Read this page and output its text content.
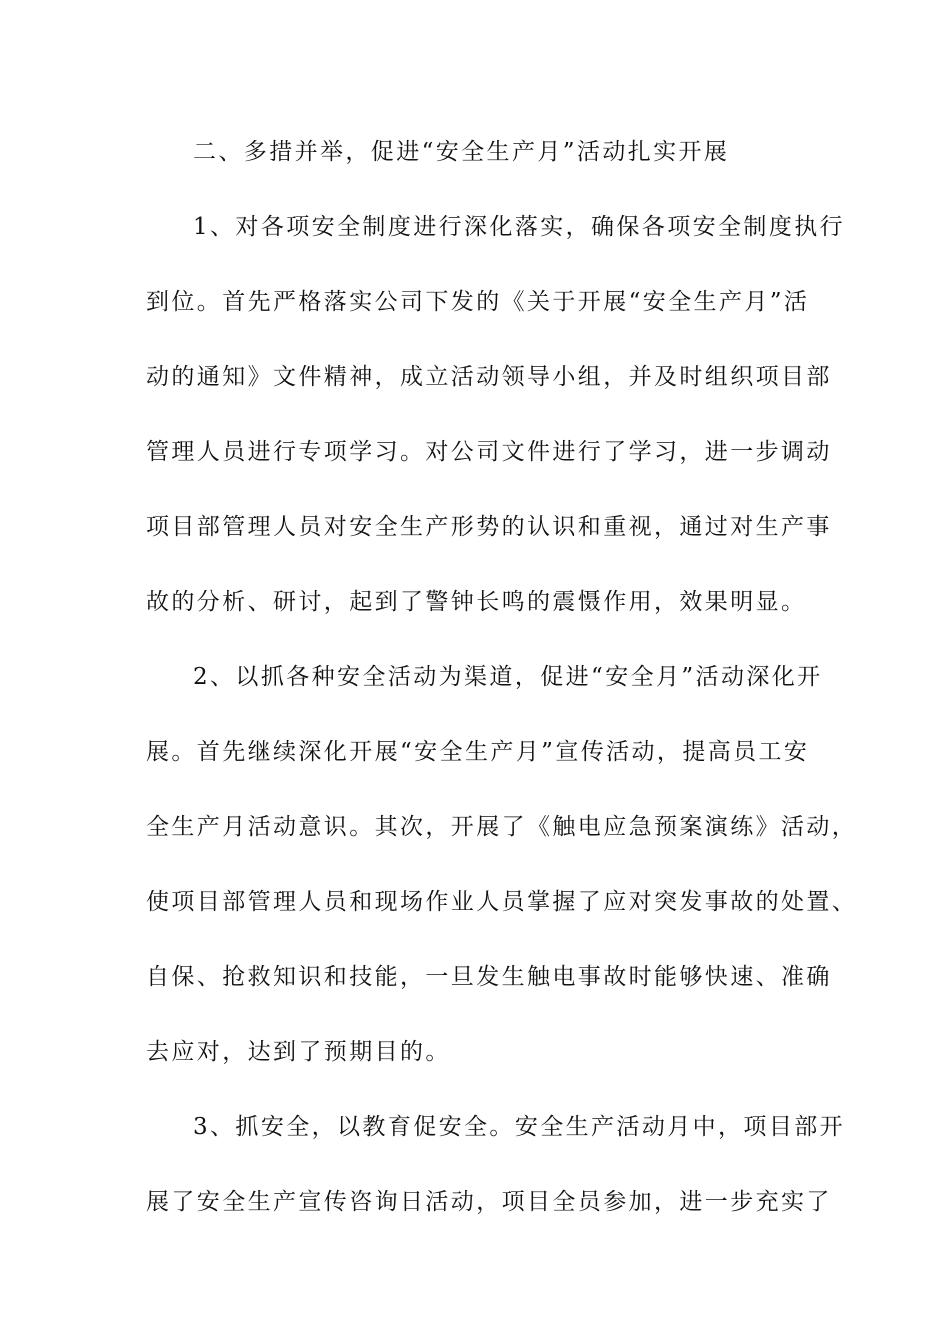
二、多措并举，促进“安全生产月”活动扎实开展
1、对各项安全制度进行深化落实，确保各项安全制度执行
到位。首先严格落实公司下发的《关于开展“安全生产月”活
动的通知》文件精神，成立活动领导小组，并及时组织项目部
管理人员进行专项学习。对公司文件进行了学习，进一步调动
项目部管理人员对安全生产形势的认识和重视，通过对生产事
故的分析、研讨，起到了警钟长鸣的震慑作用，效果明显。
2、以抓各种安全活动为渠道，促进“安全月”活动深化开
展。首先继续深化开展“安全生产月”宣传活动，提高员工安
全生产月活动意识。其次，开展了《触电应急预案演练》活动，
使项目部管理人员和现场作业人员掌握了应对突发事故的处置、
自保、抢救知识和技能，一旦发生触电事故时能够快速、准确
去应对，达到了预期目的。
3、抓安全，以教育促安全。安全生产活动月中，项目部开
展了安全生产宣传咨询日活动，项目全员参加，进一步充实了
